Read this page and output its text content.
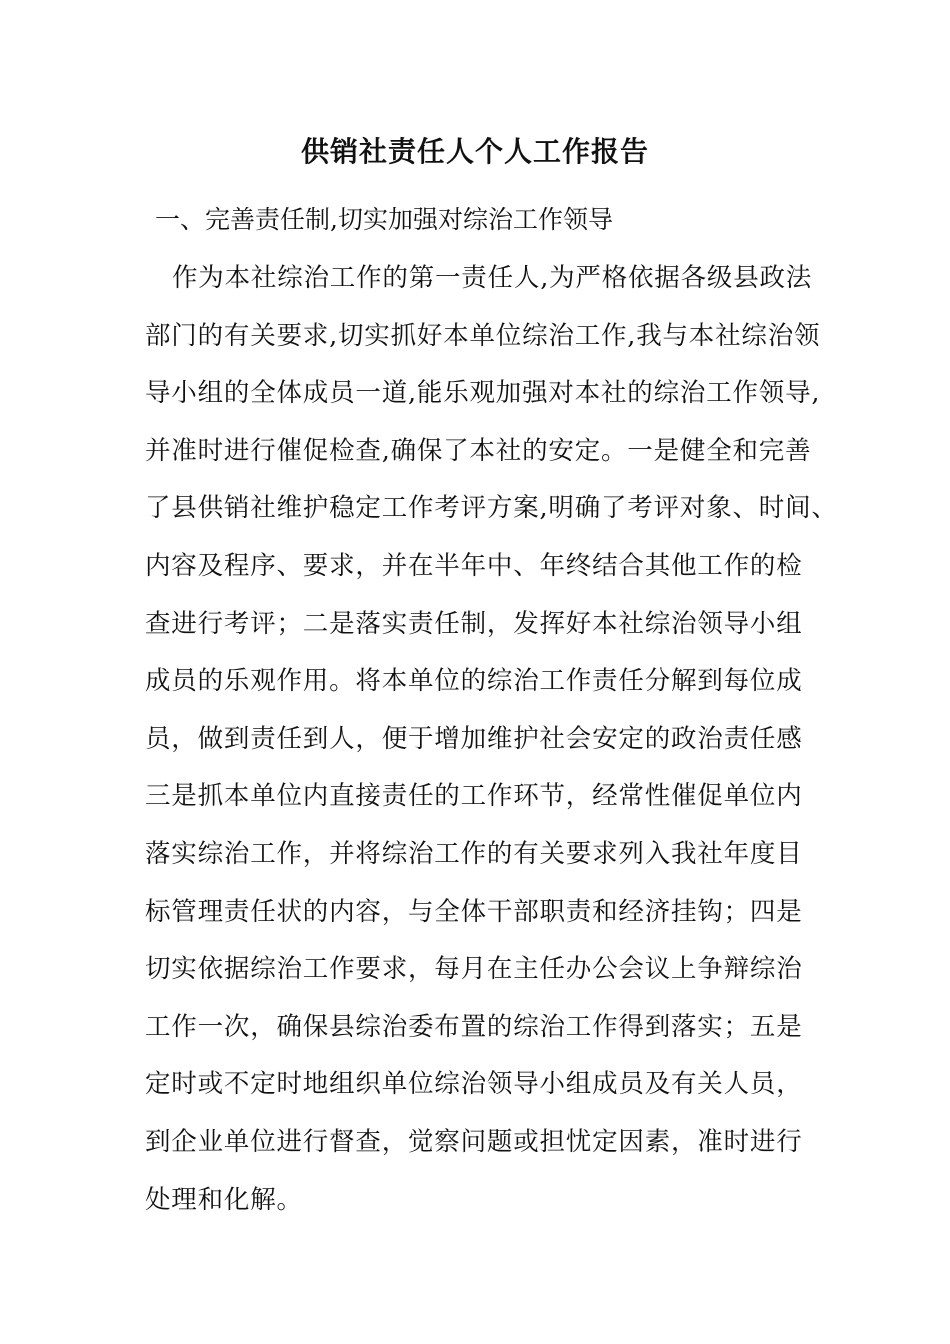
供销社责任人个人工作报告
一、完善责任制,切实加强对综治工作领导
作为本社综治工作的第一责任人,为严格依据各级县政法
部门的有关要求,切实抓好本单位综治工作,我与本社综治领
导小组的全体成员一道,能乐观加强对本社的综治工作领导,
并准时进行催促检查,确保了本社的安定。一是健全和完善
了县供销社维护稳定工作考评方案,明确了考评对象、时间、
内容及程序、要求，并在半年中、年终结合其他工作的检
查进行考评；二是落实责任制，发挥好本社综治领导小组
成员的乐观作用。将本单位的综治工作责任分解到每位成
员，做到责任到人，便于增加维护社会安定的政治责任感
三是抓本单位内直接责任的工作环节，经常性催促单位内
落实综治工作，并将综治工作的有关要求列入我社年度目
标管理责任状的内容，与全体干部职责和经济挂钩；四是
切实依据综治工作要求，每月在主任办公会议上争辩综治
工作一次，确保县综治委布置的综治工作得到落实；五是
定时或不定时地组织单位综治领导小组成员及有关人员，
到企业单位进行督查，觉察问题或担忧定因素，准时进行
处理和化解。
